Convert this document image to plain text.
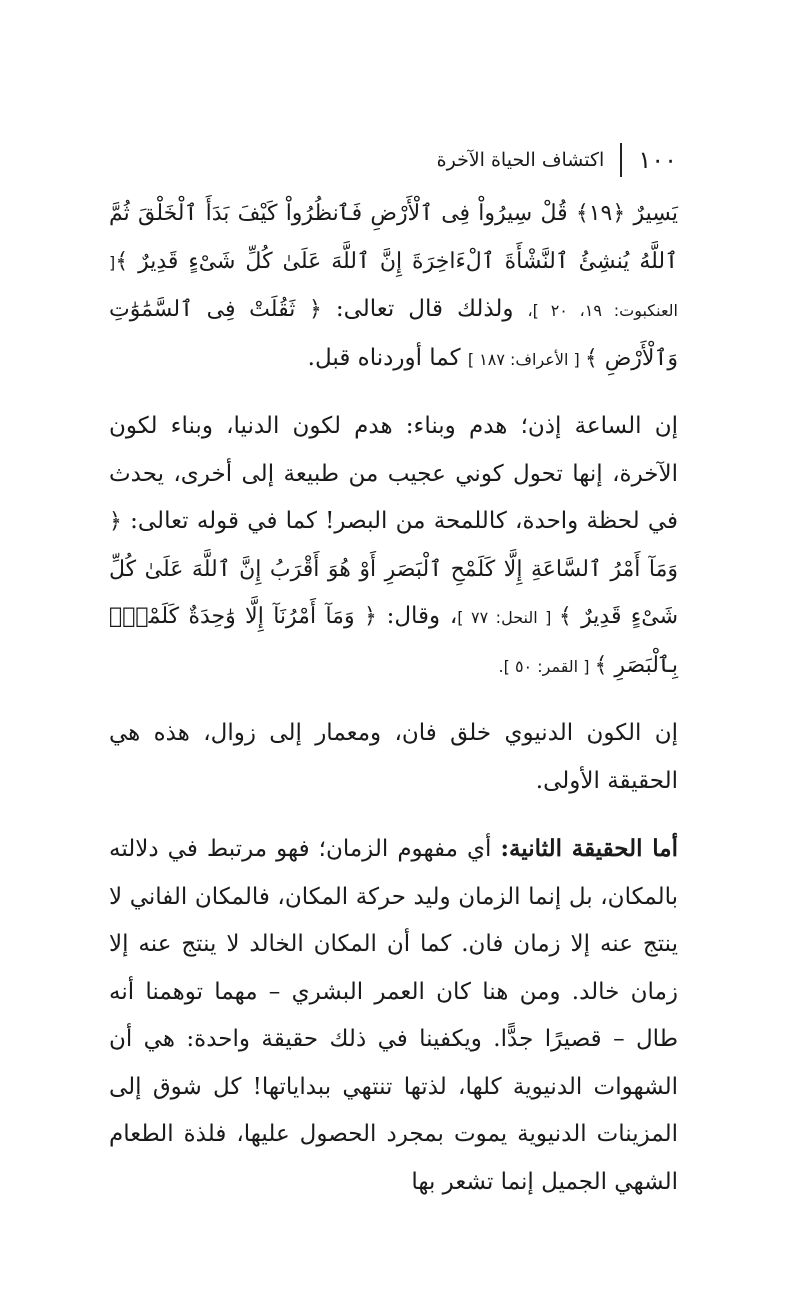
١٠٠
اكتشاف الحياة الآخرة

يَسِيرٌ ﴿١٩﴾ قُلْ سِيرُواْ فِى ٱلْأَرْضِ فَٱنظُرُواْ كَيْفَ بَدَأَ ٱلْخَلْقَ ثُمَّ ٱللَّهُ يُنشِئُ ٱلنَّشْأَةَ ٱلْءَاخِرَةَ إِنَّ ٱللَّهَ عَلَىٰ كُلِّ شَىْءٍ قَدِيرٌ ﴾[ العنكبوت: ١٩، ٢٠ ]، ولذلك قال تعالى: ﴿ ثَقُلَتْ فِى ٱلسَّمَٰوَٰتِ وَٱلْأَرْضِ ﴾ [ الأعراف: ١٨٧ ] كما أوردناه قبل.

إن الساعة إذن؛ هدم وبناء: هدم لكون الدنيا، وبناء لكون الآخرة، إنها تحول كوني عجيب من طبيعة إلى أخرى، يحدث في لحظة واحدة، كاللمحة من البصر! كما في قوله تعالى: ﴿ وَمَآ أَمْرُ ٱلسَّاعَةِ إِلَّا كَلَمْحِ ٱلْبَصَرِ أَوْ هُوَ أَقْرَبُ إِنَّ ٱللَّهَ عَلَىٰ كُلِّ شَىْءٍ قَدِيرٌ ﴾ [ النحل: ٧٧ ]، وقال: ﴿ وَمَآ أَمْرُنَآ إِلَّا وَٰحِدَةٌ كَلَمْحٍۭ بِٱلْبَصَرِ ﴾ [ القمر: ٥٠ ].

إن الكون الدنيوي خلق فان، ومعمار إلى زوال، هذه هي الحقيقة الأولى.

أما الحقيقة الثانية: أي مفهوم الزمان؛ فهو مرتبط في دلالته بالمكان، بل إنما الزمان وليد حركة المكان، فالمكان الفاني لا ينتج عنه إلا زمان فان. كما أن المكان الخالد لا ينتج عنه إلا زمان خالد. ومن هنا كان العمر البشري – مهما توهمنا أنه طال – قصيرًا جدًّا. ويكفينا في ذلك حقيقة واحدة: هي أن الشهوات الدنيوية كلها، لذتها تنتهي ببداياتها! كل شوق إلى المزينات الدنيوية يموت بمجرد الحصول عليها، فلذة الطعام الشهي الجميل إنما تشعر بها
